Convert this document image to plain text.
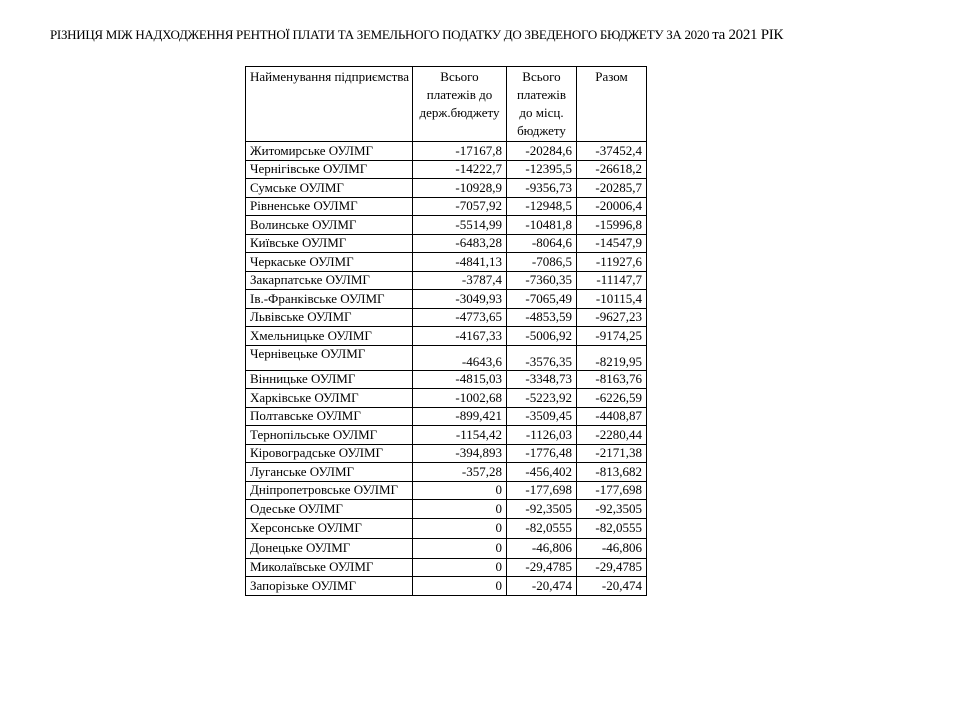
РІЗНИЦЯ МІЖ НАДХОДЖЕННЯ РЕНТНОЇ ПЛАТИ ТА ЗЕМЕЛЬНОГО ПОДАТКУ ДО ЗВЕДЕНОГО БЮДЖЕТУ ЗА 2020 та 2021 РІК
Найменування підприємства	Всього платежів до держ.бюджету	Всього платежів до місц. бюджету	Разом
Житомирське ОУЛМГ	-17167,8	-20284,6	-37452,4
Чернігівське ОУЛМГ	-14222,7	-12395,5	-26618,2
Сумське ОУЛМГ	-10928,9	-9356,73	-20285,7
Рівненське ОУЛМГ	-7057,92	-12948,5	-20006,4
Волинське ОУЛМГ	-5514,99	-10481,8	-15996,8
Київське ОУЛМГ	-6483,28	-8064,6	-14547,9
Черкаське ОУЛМГ	-4841,13	-7086,5	-11927,6
Закарпатське ОУЛМГ	-3787,4	-7360,35	-11147,7
Ів.-Франківське ОУЛМГ	-3049,93	-7065,49	-10115,4
Львівське ОУЛМГ	-4773,65	-4853,59	-9627,23
Хмельницьке ОУЛМГ	-4167,33	-5006,92	-9174,25
Чернівецьке ОУЛМГ	-4643,6	-3576,35	-8219,95
Вінницьке ОУЛМГ	-4815,03	-3348,73	-8163,76
Харківське ОУЛМГ	-1002,68	-5223,92	-6226,59
Полтавське ОУЛМГ	-899,421	-3509,45	-4408,87
Тернопільське ОУЛМГ	-1154,42	-1126,03	-2280,44
Кіровоградське ОУЛМГ	-394,893	-1776,48	-2171,38
Луганське ОУЛМГ	-357,28	-456,402	-813,682
Дніпропетровське ОУЛМГ	0	-177,698	-177,698
Одеське ОУЛМГ	0	-92,3505	-92,3505
Херсонське ОУЛМГ	0	-82,0555	-82,0555
Донецьке ОУЛМГ	0	-46,806	-46,806
Миколаївське ОУЛМГ	0	-29,4785	-29,4785
Запорізьке ОУЛМГ	0	-20,474	-20,474
